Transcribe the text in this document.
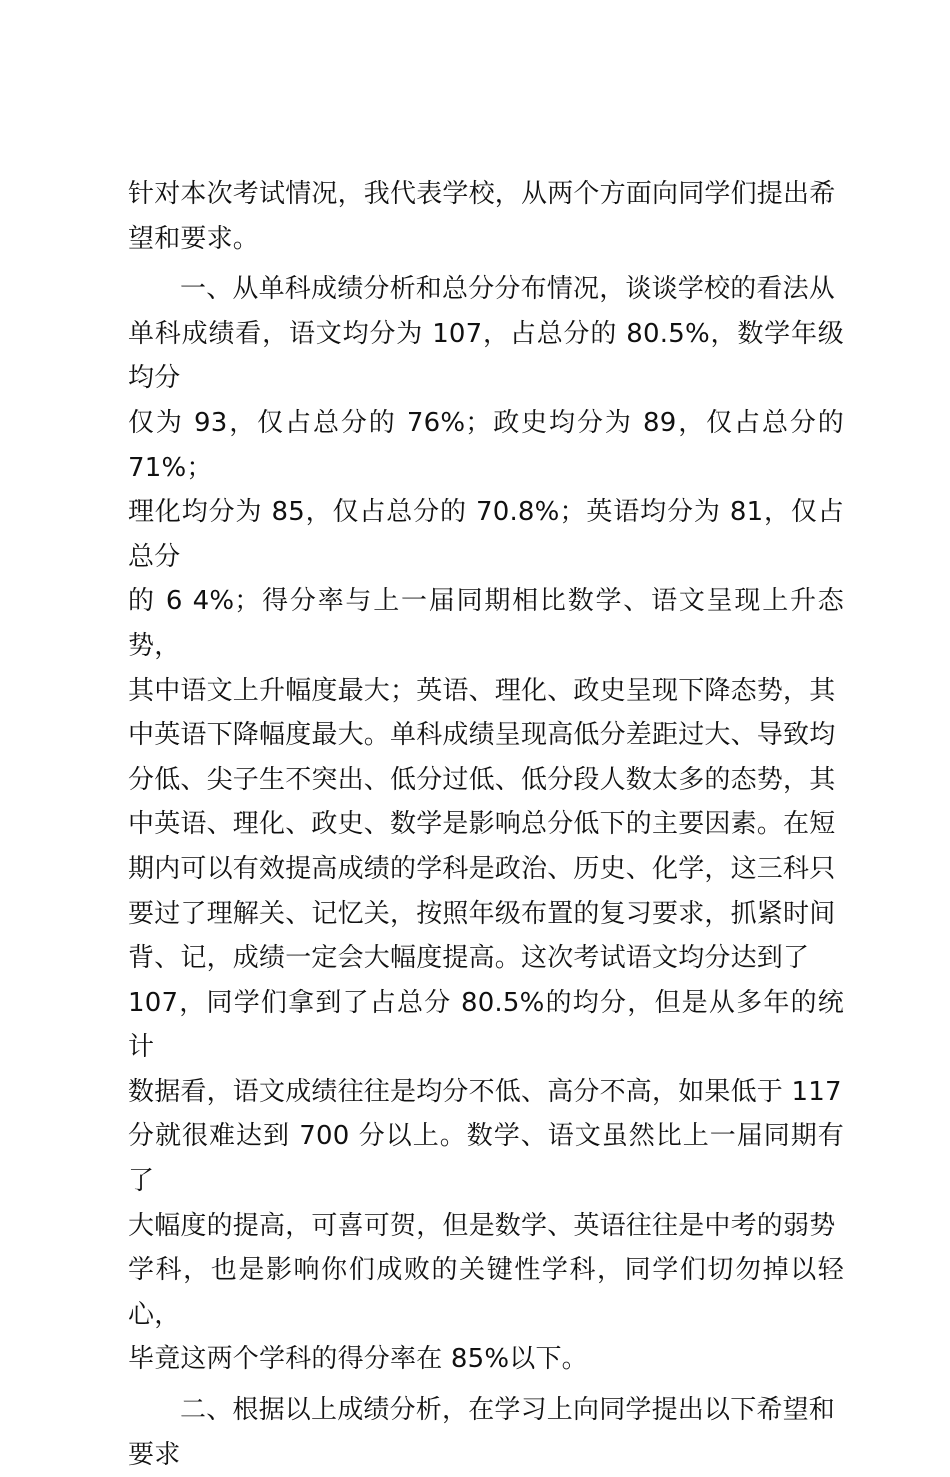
针对本次考试情况，我代表学校，从两个方面向同学们提出希
望和要求。

一、从单科成绩分析和总分分布情况，谈谈学校的看法从
单科成绩看，语文均分为 107，占总分的 80.5%，数学年级均分
仅为 93，仅占总分的 76%；政史均分为 89，仅占总分的 71%；
理化均分为 85，仅占总分的 70.8%；英语均分为 81，仅占总分
的 6 4%；得分率与上一届同期相比数学、语文呈现上升态势，
其中语文上升幅度最大；英语、理化、政史呈现下降态势，其
中英语下降幅度最大。单科成绩呈现高低分差距过大、导致均
分低、尖子生不突出、低分过低、低分段人数太多的态势，其
中英语、理化、政史、数学是影响总分低下的主要因素。在短
期内可以有效提高成绩的学科是政治、历史、化学，这三科只
要过了理解关、记忆关，按照年级布置的复习要求，抓紧时间
背、记，成绩一定会大幅度提高。这次考试语文均分达到了
107，同学们拿到了占总分 80.5%的均分，但是从多年的统计
数据看，语文成绩往往是均分不低、高分不高，如果低于 117
分就很难达到 700 分以上。数学、语文虽然比上一届同期有了
大幅度的提高，可喜可贺，但是数学、英语往往是中考的弱势
学科，也是影响你们成败的关键性学科，同学们切勿掉以轻心，
毕竟这两个学科的得分率在 85%以下。

二、根据以上成绩分析，在学习上向同学提出以下希望和
要求
